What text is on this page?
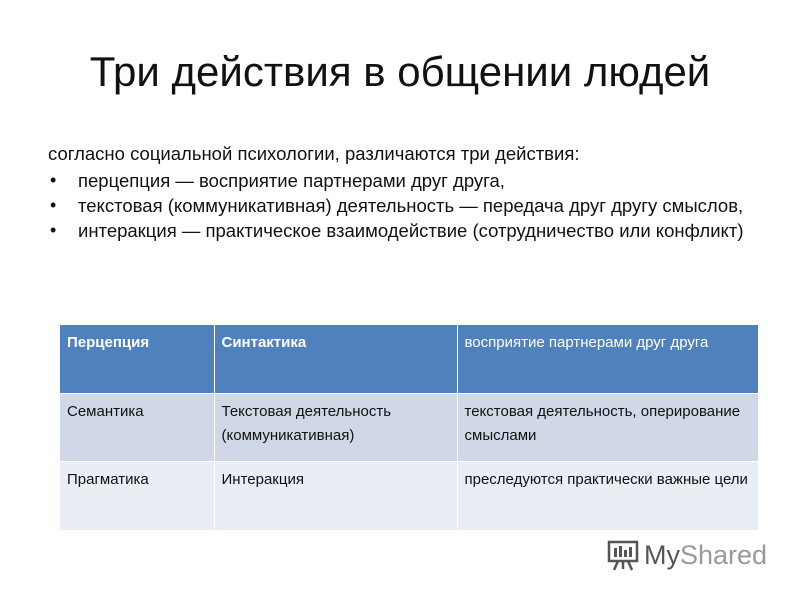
Три действия в общении людей

согласно социальной психологии, различаются три действия:

• перцепция — восприятие партнерами друг друга,
• текстовая (коммуникативная) деятельность — передача друг другу смыслов,
• интеракция — практическое взаимодействие (сотрудничество или конфликт)
Перцепция	Синтактика	восприятие партнерами друг друга
Семантика	Текстовая деятельность (коммуникативная)	текстовая деятельность, оперирование смыслами
Прагматика	Интеракция	преследуются практически важные цели
MyShared
